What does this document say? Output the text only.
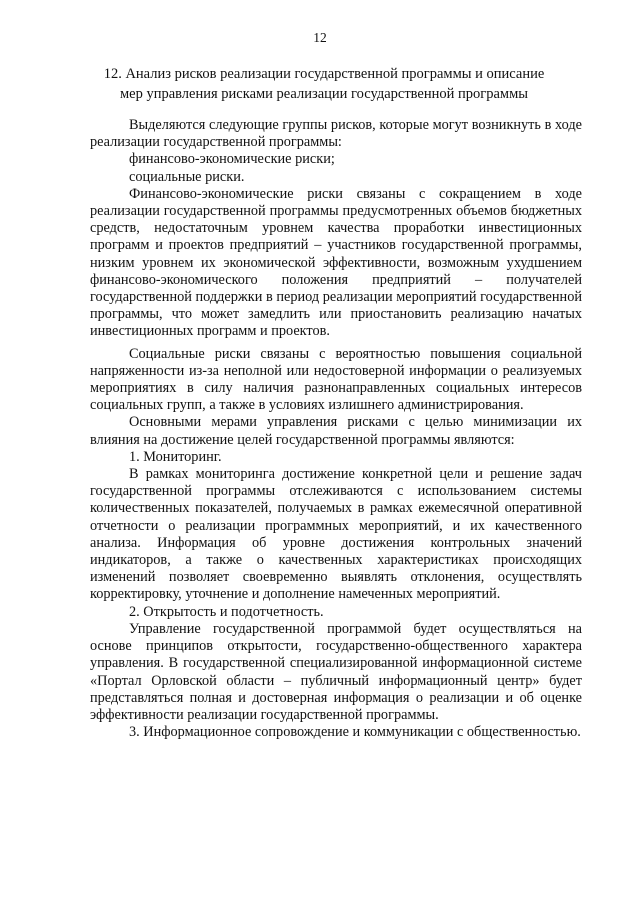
12
12. Анализ рисков реализации государственной программы и описание мер управления рисками реализации государственной программы

Выделяются следующие группы рисков, которые могут возникнуть в ходе реализации государственной программы:

финансово-экономические риски;

социальные риски.

Финансово-экономические риски связаны с сокращением в ходе реализации государственной программы предусмотренных объемов бюджетных средств, недостаточным уровнем качества проработки инвестиционных программ и проектов предприятий – участников государственной программы, низким уровнем их экономической эффективности, возможным ухудшением финансово-экономического положения предприятий – получателей государственной поддержки в период реализации мероприятий государственной программы, что может замедлить или приостановить реализацию начатых инвестиционных программ и проектов.

Социальные риски связаны с вероятностью повышения социальной напряженности из-за неполной или недостоверной информации о реализуемых мероприятиях в силу наличия разнонаправленных социальных интересов социальных групп, а также в условиях излишнего администрирования.

Основными мерами управления рисками с целью минимизации их влияния на достижение целей государственной программы являются:

1. Мониторинг.

В рамках мониторинга достижение конкретной цели и решение задач государственной программы отслеживаются с использованием системы количественных показателей, получаемых в рамках ежемесячной оперативной отчетности о реализации программных мероприятий, и их качественного анализа. Информация об уровне достижения контрольных значений индикаторов, а также о качественных характеристиках происходящих изменений позволяет своевременно выявлять отклонения, осуществлять корректировку, уточнение и дополнение намеченных мероприятий.

2. Открытость и подотчетность.

Управление государственной программой будет осуществляться на основе принципов открытости, государственно-общественного характера управления. В государственной специализированной информационной системе «Портал Орловской области – публичный информационный центр» будет представляться полная и достоверная информация о реализации и об оценке эффективности реализации государственной программы.

3. Информационное сопровождение и коммуникации с общественностью.
